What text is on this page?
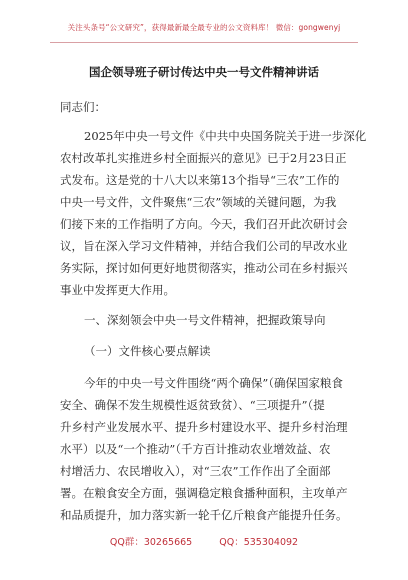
关注头条号“公文研究”，获得最新最全最专业的公文资料库！ 微信：gongwenyj
国企领导班子研讨传达中央一号文件精神讲话
同志们：
2025年中央一号文件《中共中央国务院关于进一步深化
农村改革扎实推进乡村全面振兴的意见》已于2月23日正
式发布。这是党的十八大以来第13个指导“三农”工作的
中央一号文件，文件聚焦“三农”领域的关键问题，为我
们接下来的工作指明了方向。今天，我们召开此次研讨会
议，旨在深入学习文件精神，并结合我们公司的早改水业
务实际，探讨如何更好地贯彻落实，推动公司在乡村振兴
事业中发挥更大作用。
一、深刻领会中央一号文件精神，把握政策导向
（一）文件核心要点解读
今年的中央一号文件围绕“两个确保”（确保国家粮食
安全、确保不发生规模性返贫致贫）、“三项提升”（提
升乡村产业发展水平、提升乡村建设水平、提升乡村治理
水平）以及“一个推动”（千方百计推动农业增效益、农
村增活力、农民增收入），对“三农”工作作出了全面部
署。在粮食安全方面，强调稳定粮食播种面积，主攻单产
和品质提升，加力落实新一轮千亿斤粮食产能提升任务。
QQ群：30265665	QQ：535304092
